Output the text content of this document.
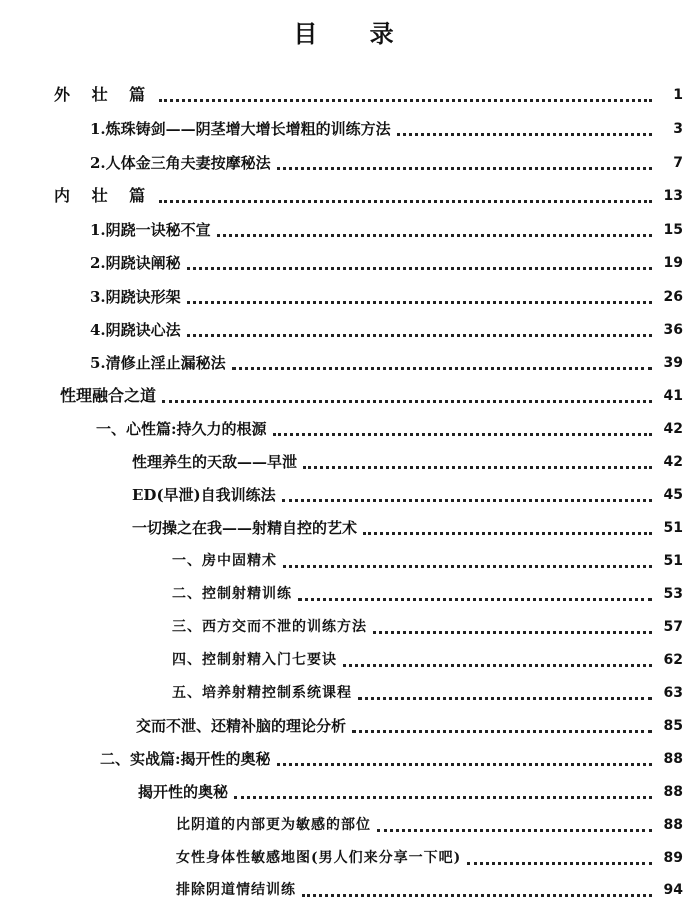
目 录
外 壮 篇	1
1.炼珠铸剑——阴茎增大增长增粗的训练方法	3
2.人体金三角夫妻按摩秘法	7
内 壮 篇	13
1.阴跷一诀秘不宣	15
2.阴跷诀阐秘	19
3.阴跷诀形架	26
4.阴跷诀心法	36
5.清修止淫止漏秘法	39
性理融合之道	41
一、心性篇:持久力的根源	42
性理养生的天敌——早泄	42
ED(早泄)自我训练法	45
一切操之在我——射精自控的艺术	51
一、房中固精术	51
二、控制射精训练	53
三、西方交而不泄的训练方法	57
四、控制射精入门七要诀	62
五、培养射精控制系统课程	63
交而不泄、还精补脑的理论分析	85
二、实战篇:揭开性的奥秘	88
揭开性的奥秘	88
比阴道的内部更为敏感的部位	88
女性身体性敏感地图(男人们来分享一下吧)	89
排除阴道情结训练	94
